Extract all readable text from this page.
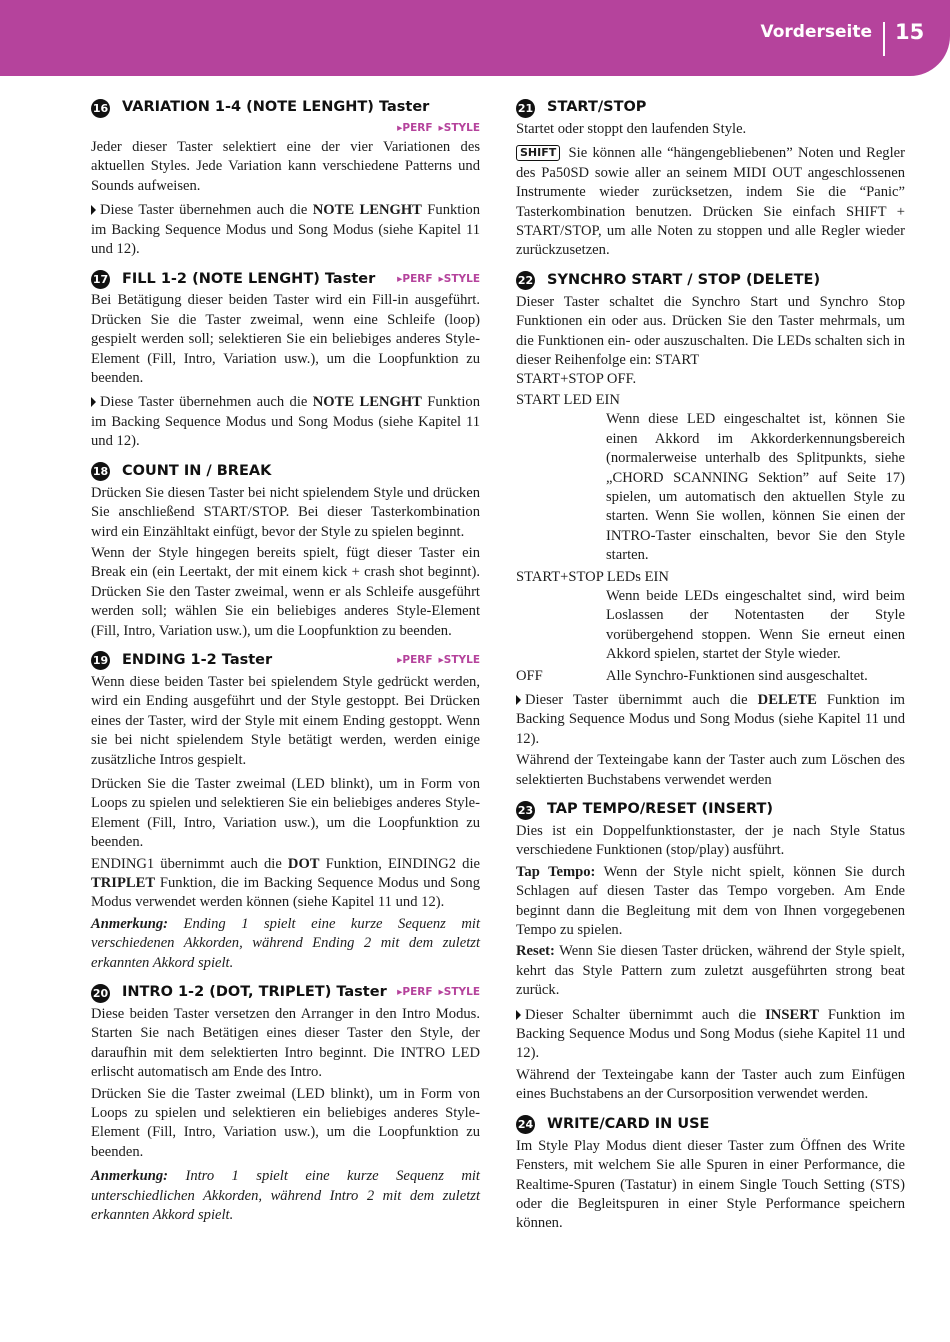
Vorderseite 15
16 VARIATION 1-4 (NOTE LENGHT) Taster
▸PERF ▸STYLE

Jeder dieser Taster selektiert eine der vier Variationen des aktuellen Styles. Jede Variation kann verschiedene Patterns und Sounds aufweisen.

Diese Taster übernehmen auch die NOTE LENGHT Funktion im Backing Sequence Modus und Song Modus (siehe Kapitel 11 und 12).

17 FILL 1-2 (NOTE LENGHT) Taster	▸PERF ▸STYLE

Bei Betätigung dieser beiden Taster wird ein Fill-in ausgeführt. Drücken Sie die Taster zweimal, wenn eine Schleife (loop) gespielt werden soll; selektieren Sie ein beliebiges anderes Style-Element (Fill, Intro, Variation usw.), um die Loopfunktion zu beenden.

Diese Taster übernehmen auch die NOTE LENGHT Funktion im Backing Sequence Modus und Song Modus (siehe Kapitel 11 und 12).

18 COUNT IN / BREAK

Drücken Sie diesen Taster bei nicht spielendem Style und drücken Sie anschließend START/STOP. Bei dieser Tasterkombination wird ein Einzähltakt einfügt, bevor der Style zu spielen beginnt.

Wenn der Style hingegen bereits spielt, fügt dieser Taster ein Break ein (ein Leertakt, der mit einem kick + crash shot beginnt). Drücken Sie den Taster zweimal, wenn er als Schleife ausgeführt werden soll; wählen Sie ein beliebiges anderes Style-Element (Fill, Intro, Variation usw.), um die Loopfunktion zu beenden.

19 ENDING 1-2 Taster	▸PERF ▸STYLE

Wenn diese beiden Taster bei spielendem Style gedrückt werden, wird ein Ending ausgeführt und der Style gestoppt. Bei Drücken eines der Taster, wird der Style mit einem Ending gestoppt. Wenn sie bei nicht spielendem Style betätigt werden, werden einige zusätzliche Intros gespielt.

Drücken Sie die Taster zweimal (LED blinkt), um in Form von Loops zu spielen und selektieren Sie ein beliebiges anderes Style-Element (Fill, Intro, Variation usw.), um die Loopfunktion zu beenden.

ENDING1 übernimmt auch die DOT Funktion, EINDING2 die TRIPLET Funktion, die im Backing Sequence Modus und Song Modus verwendet werden können (siehe Kapitel 11 und 12).

Anmerkung: Ending 1 spielt eine kurze Sequenz mit verschiedenen Akkorden, während Ending 2 mit dem zuletzt erkannten Akkord spielt.

20 INTRO 1-2 (DOT, TRIPLET) Taster ▸PERF ▸STYLE

Diese beiden Taster versetzen den Arranger in den Intro Modus. Starten Sie nach Betätigen eines dieser Taster den Style, der daraufhin mit dem selektierten Intro beginnt. Die INTRO LED erlischt automatisch am Ende des Intro.

Drücken Sie die Taster zweimal (LED blinkt), um in Form von Loops zu spielen und selektieren ein beliebiges anderes Style-Element (Fill, Intro, Variation usw.), um die Loopfunktion zu beenden.

Anmerkung: Intro 1 spielt eine kurze Sequenz mit unterschiedlichen Akkorden, während Intro 2 mit dem zuletzt erkannten Akkord spielt.

21 START/STOP

Startet oder stoppt den laufenden Style.

SHIFT Sie können alle “hängengebliebenen” Noten und Regler des Pa50SD sowie aller an seinem MIDI OUT angeschlossenen Instrumente wieder zurücksetzen, indem Sie die “Panic” Tasterkombination benutzen. Drücken Sie einfach SHIFT + START/STOP, um alle Noten zu stoppen und alle Regler wieder zurückzusetzen.

22 SYNCHRO START / STOP (DELETE)

Dieser Taster schaltet die Synchro Start und Synchro Stop Funktionen ein oder aus. Drücken Sie den Taster mehrmals, um die Funktionen ein- oder auszuschalten. Die LEDs schalten sich in dieser Reihenfolge ein: START

START+STOP OFF.

START LED EIN
Wenn diese LED eingeschaltet ist, können Sie einen Akkord im Akkorderkennungsbereich (normalerweise unterhalb des Splitpunkts, siehe „CHORD SCANNING Sektion” auf Seite 17) spielen, um automatisch den aktuellen Style zu starten. Wenn Sie wollen, können Sie einen der INTRO-Taster einschalten, bevor Sie den Style starten.
START+STOP LEDs EIN
Wenn beide LEDs eingeschaltet sind, wird beim Loslassen der Notentasten der Style vorübergehend stoppen. Wenn Sie erneut einen Akkord spielen, startet der Style wieder.
OFF	Alle Synchro-Funktionen sind ausgeschaltet.

Dieser Taster übernimmt auch die DELETE Funktion im Backing Sequence Modus und Song Modus (siehe Kapitel 11 und 12).

Während der Texteingabe kann der Taster auch zum Löschen des selektierten Buchstabens verwendet werden

23 TAP TEMPO/RESET (INSERT)

Dies ist ein Doppelfunktionstaster, der je nach Style Status verschiedene Funktionen (stop/play) ausführt.

Tap Tempo: Wenn der Style nicht spielt, können Sie durch Schlagen auf diesen Taster das Tempo vorgeben. Am Ende beginnt dann die Begleitung mit dem von Ihnen vorgegebenen Tempo zu spielen.

Reset: Wenn Sie diesen Taster drücken, während der Style spielt, kehrt das Style Pattern zum zuletzt ausgeführten strong beat zurück.

Dieser Schalter übernimmt auch die INSERT Funktion im Backing Sequence Modus und Song Modus (siehe Kapitel 11 und 12).

Während der Texteingabe kann der Taster auch zum Einfügen eines Buchstabens an der Cursorposition verwendet werden.

24 WRITE/CARD IN USE

Im Style Play Modus dient dieser Taster zum Öffnen des Write Fensters, mit welchem Sie alle Spuren in einer Performance, die Realtime-Spuren (Tastatur) in einem Single Touch Setting (STS) oder die Begleitspuren in einer Style Performance speichern können.
